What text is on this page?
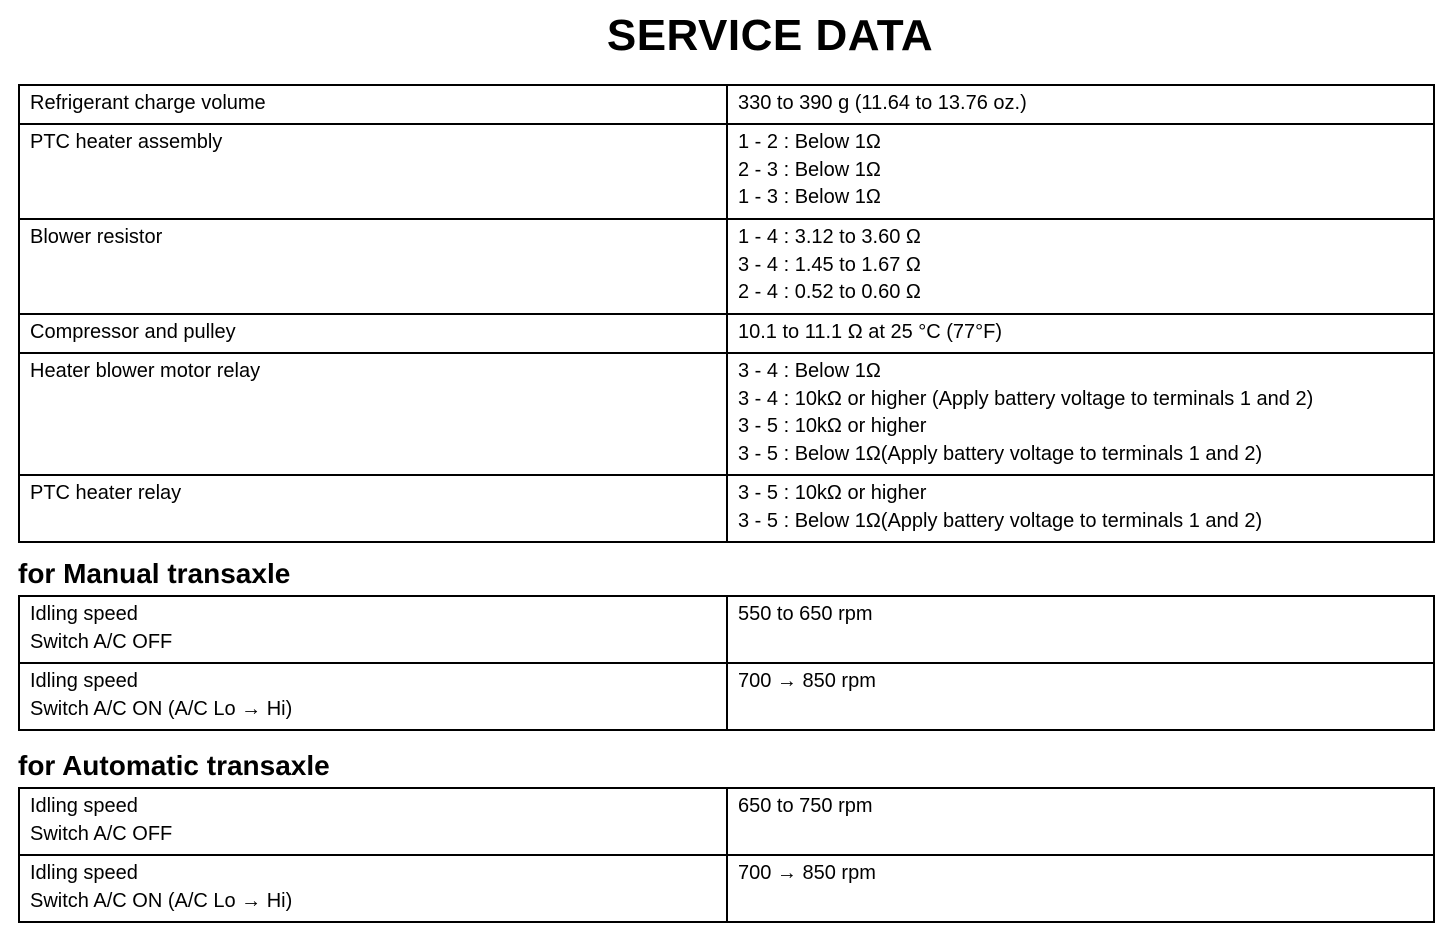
SERVICE DATA
Refrigerant charge volume	330 to 390 g (11.64 to 13.76 oz.)

PTC heater assembly	1 - 2 : Below 1Ω
2 - 3 : Below 1Ω
1 - 3 : Below 1Ω

Blower resistor	1 - 4 : 3.12 to 3.60 Ω
3 - 4 : 1.45 to 1.67 Ω
2 - 4 : 0.52 to 0.60 Ω

Compressor and pulley	10.1 to 11.1 Ω at 25 °C (77°F)

Heater blower motor relay	3 - 4 : Below 1Ω
3 - 4 : 10kΩ or higher (Apply battery voltage to terminals 1 and 2)
3 - 5 : 10kΩ or higher
3 - 5 : Below 1Ω(Apply battery voltage to terminals 1 and 2)

PTC heater relay	3 - 5 : 10kΩ or higher
3 - 5 : Below 1Ω(Apply battery voltage to terminals 1 and 2)
for Manual transaxle
Idling speed
Switch A/C OFF	550 to 650 rpm

Idling speed
Switch A/C ON (A/C Lo → Hi)	700 → 850 rpm
for Automatic transaxle
Idling speed
Switch A/C OFF	650 to 750 rpm

Idling speed
Switch A/C ON (A/C Lo → Hi)	700 → 850 rpm
